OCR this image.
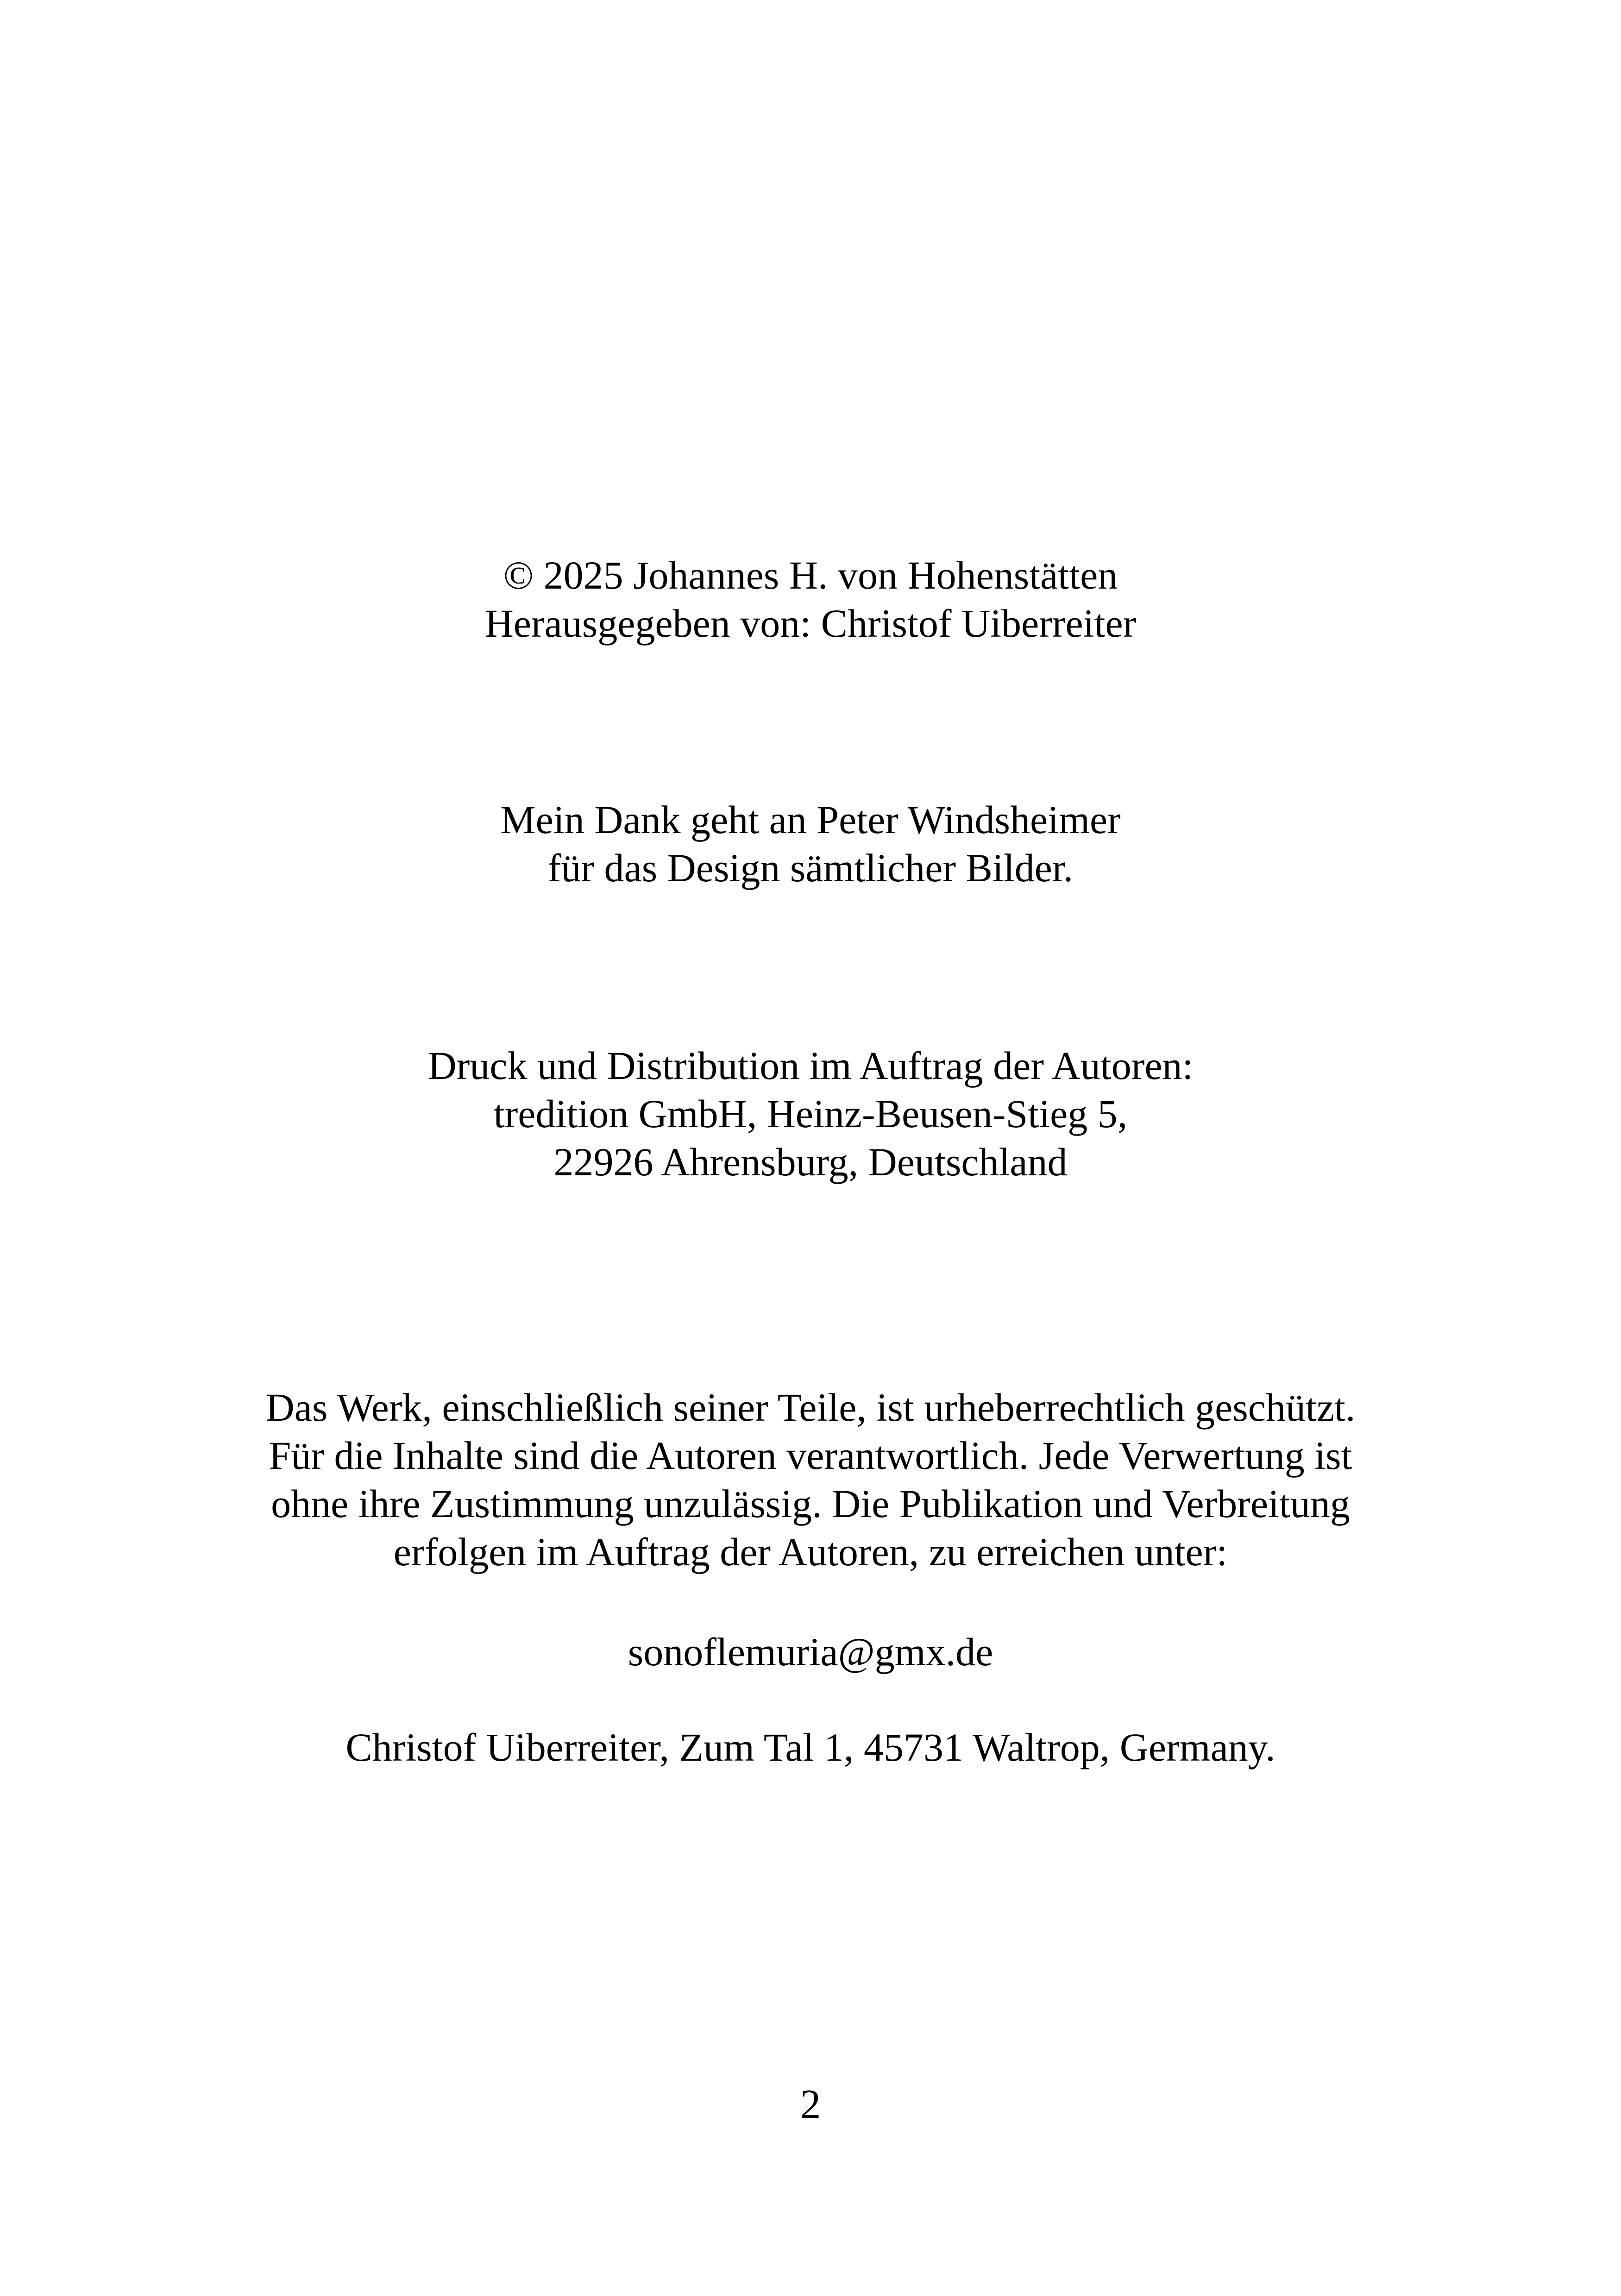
© 2025 Johannes H. von Hohenstätten
Herausgegeben von: Christof Uiberreiter
Mein Dank geht an Peter Windsheimer
für das Design sämtlicher Bilder.
Druck und Distribution im Auftrag der Autoren:
tredition GmbH, Heinz-Beusen-Stieg 5,
22926 Ahrensburg, Deutschland
Das Werk, einschließlich seiner Teile, ist urheberrechtlich geschützt.
Für die Inhalte sind die Autoren verantwortlich. Jede Verwertung ist
ohne ihre Zustimmung unzulässig. Die Publikation und Verbreitung
erfolgen im Auftrag der Autoren, zu erreichen unter:
sonoflemuria@gmx.de
Christof Uiberreiter, Zum Tal 1, 45731 Waltrop, Germany.
2
